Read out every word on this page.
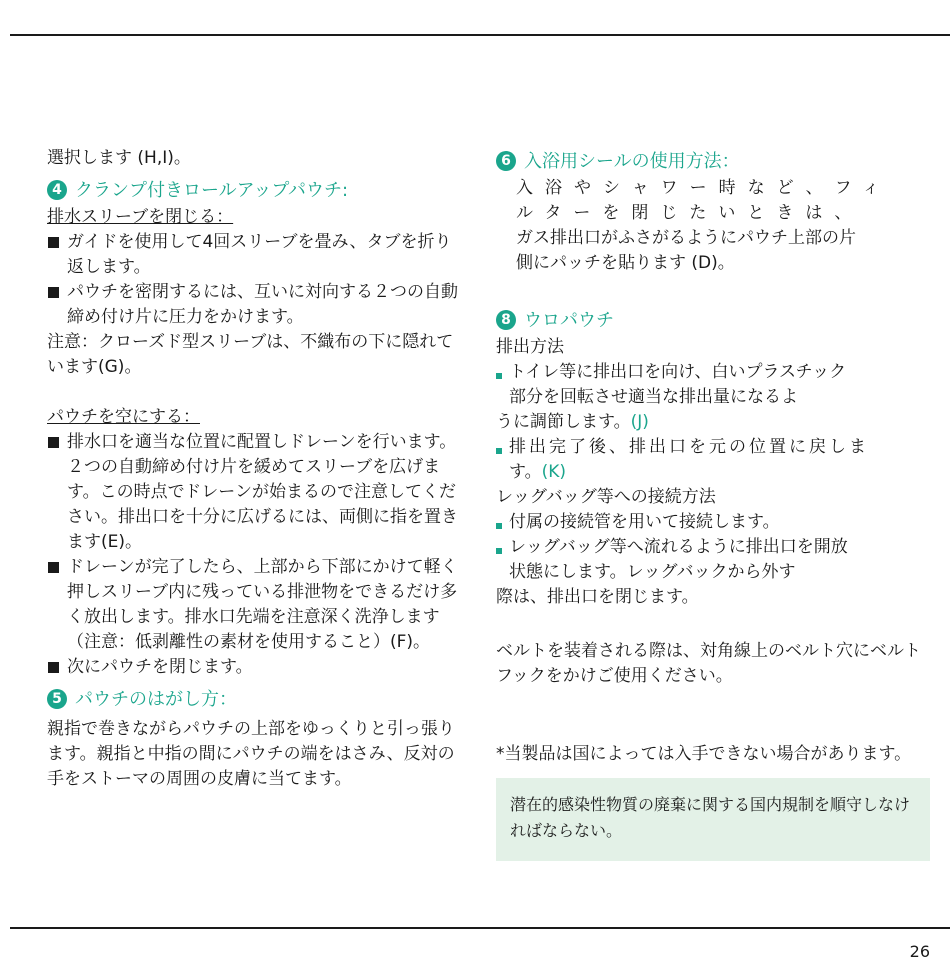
選択します (H,I)。

4 クランプ付きロールアップパウチ:

排水スリーブを閉じる：

ガイドを使用して4回スリーブを畳み、タブを折り返します。

パウチを密閉するには、互いに対向する２つの自動締め付け片に圧力をかけます。

注意：クローズド型スリーブは、不織布の下に隠れています(G)。

パウチを空にする：

排水口を適当な位置に配置しドレーンを行います。２つの自動締め付け片を緩めてスリーブを広げます。この時点でドレーンが始まるので注意してください。排出口を十分に広げるには、両側に指を置きます(E)。

ドレーンが完了したら、上部から下部にかけて軽く押しスリーブ内に残っている排泄物をできるだけ多く放出します。排水口先端を注意深く洗浄します（注意：低剥離性の素材を使用すること）(F)。

次にパウチを閉じます。

5 パウチのはがし方：

親指で巻きながらパウチの上部をゆっくりと引っ張ります。親指と中指の間にパウチの端をはさみ、反対の手をストーマの周囲の皮膚に当てます。

6 入浴用シールの使用方法：

入浴やシャワー時など、フィ

ルターを閉じたいときは、

ガス排出口がふさがるようにパウチ上部の片

側にパッチを貼ります (D)。

8 ウロパウチ

排出方法

トイレ等に排出口を向け、白いプラスチック
部分を回転させ適当な排出量になるよ

うに調節します。(J)

排出完了後、排出口を元の位置に戻しま
す。(K)

レッグバッグ等への接続方法

付属の接続管を用いて接続します。

レッグバッグ等へ流れるように排出口を開放
状態にします。レッグバックから外す

際は、排出口を閉じます。

ベルトを装着される際は、対角線上のベルト穴にベルトフックをかけご使用ください。

*当製品は国によっては入手できない場合があります。

潜在的感染性物質の廃棄に関する国内規制を順守しなければならない。
26
